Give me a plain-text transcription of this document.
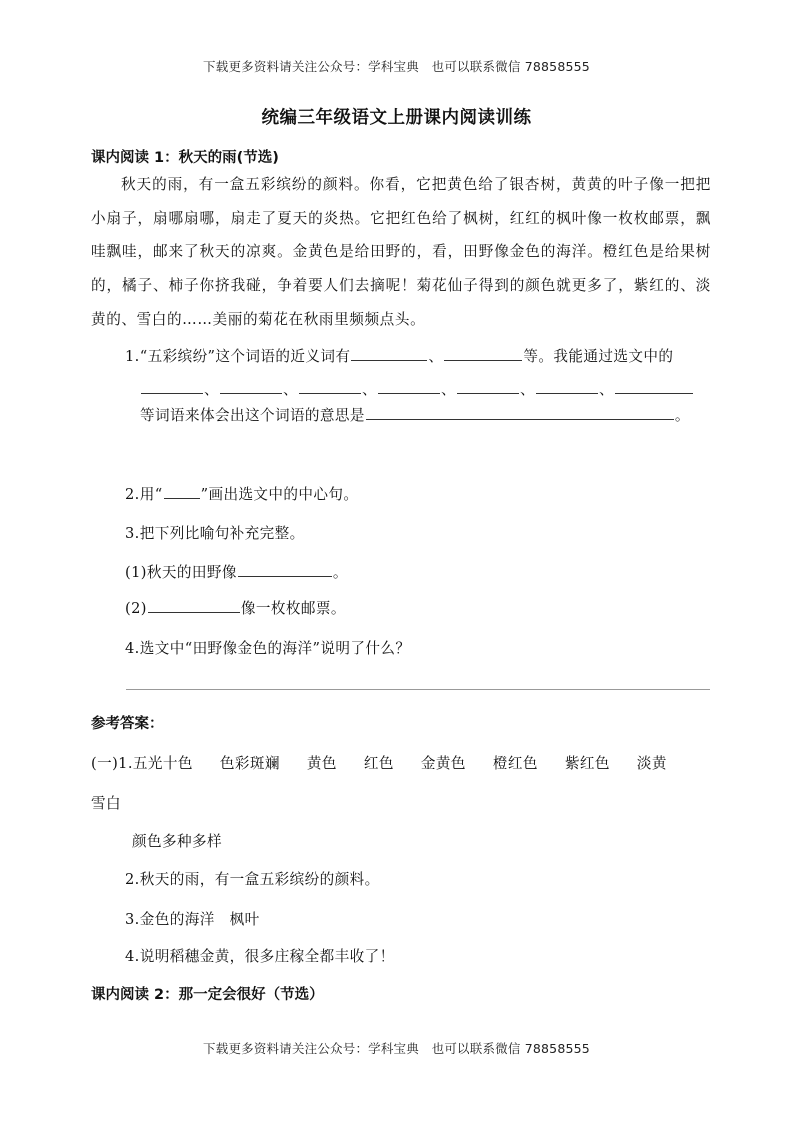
下载更多资料请关注公众号：学科宝典　也可以联系微信 78858555
统编三年级语文上册课内阅读训练
课内阅读 1：秋天的雨(节选)
秋天的雨，有一盒五彩缤纷的颜料。你看，它把黄色给了银杏树，黄黄的叶子像一把把小扇子，扇哪扇哪，扇走了夏天的炎热。它把红色给了枫树，红红的枫叶像一枚枚邮票，飘哇飘哇，邮来了秋天的凉爽。金黄色是给田野的，看，田野像金色的海洋。橙红色是给果树的，橘子、柿子你挤我碰，争着要人们去摘呢！菊花仙子得到的颜色就更多了，紫红的、淡黄的、雪白的……美丽的菊花在秋雨里频频点头。
1.“五彩缤纷”这个词语的近义词有	、	等。我能通过选文中的
、	、	、	、	、	、
等词语来体会出这个词语的意思是	。
2.用“	”画出选文中的中心句。
3.把下列比喻句补充完整。
(1)秋天的田野像	。
(2)	像一枚枚邮票。
4.选文中“田野像金色的海洋”说明了什么？
参考答案：
(一)1.五光十色 色彩斑斓 黄色 红色 金黄色 橙红色 紫红色 淡黄
雪白
颜色多种多样
2.秋天的雨，有一盒五彩缤纷的颜料。
3.金色的海洋　枫叶
4.说明稻穗金黄，很多庄稼全都丰收了！
课内阅读 2：那一定会很好（节选）
下载更多资料请关注公众号：学科宝典　也可以联系微信 78858555
